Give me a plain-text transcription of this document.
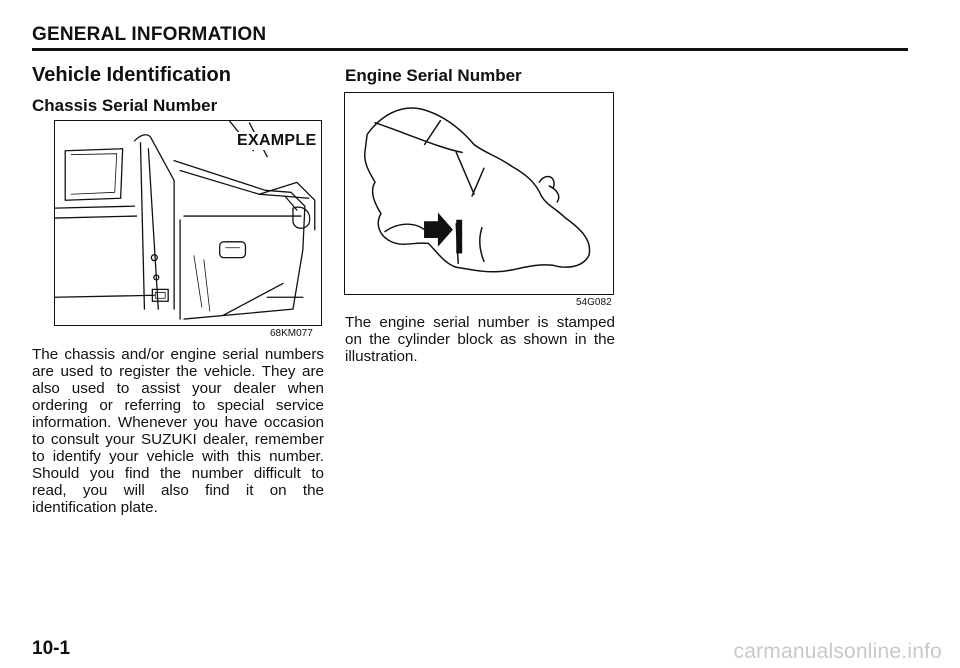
GENERAL INFORMATION
Vehicle Identification
Chassis Serial Number
EXAMPLE
68KM077
The chassis and/or engine serial numbers are used to register the vehicle. They are also used to assist your dealer when ordering or referring to special service information. Whenever you have occasion to consult your SUZUKI dealer, remember to identify your vehicle with this number. Should you find the number difficult to read, you will also find it on the identification plate.
Engine Serial Number
54G082
The engine serial number is stamped on the cylinder block as shown in the illustration.
10-1	carmanualsonline.info
